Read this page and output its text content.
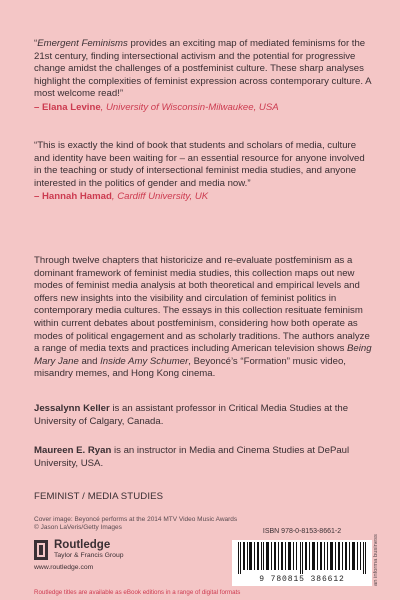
“Emergent Feminisms provides an exciting map of mediated feminisms for the 21st century, finding intersectional activism and the potential for progressive change amidst the challenges of a postfeminist culture. These sharp analyses highlight the complexities of feminist expression across contemporary culture. A most welcome read!”
– Elana Levine, University of Wisconsin-Milwaukee, USA
“This is exactly the kind of book that students and scholars of media, culture and identity have been waiting for – an essential resource for anyone involved in the teaching or study of intersectional feminist media studies, and anyone interested in the politics of gender and media now.”
– Hannah Hamad, Cardiff University, UK
Through twelve chapters that historicize and re-evaluate postfeminism as a dominant framework of feminist media studies, this collection maps out new modes of feminist media analysis at both theoretical and empirical levels and offers new insights into the visibility and circulation of feminist politics in contemporary media cultures. The essays in this collection resituate feminism within current debates about postfeminism, considering how both operate as modes of political engagement and as scholarly traditions. The authors analyze a range of media texts and practices including American television shows Being Mary Jane and Inside Amy Schumer, Beyoncé’s “Formation” music video, misandry memes, and Hong Kong cinema.
Jessalynn Keller is an assistant professor in Critical Media Studies at the University of Calgary, Canada.
Maureen E. Ryan is an instructor in Media and Cinema Studies at DePaul University, USA.
FEMINIST / MEDIA STUDIES
Cover image: Beyoncé performs at the 2014 MTV Video Music Awards
© Jason LaVeris/Getty Images
Routledge
Taylor & Francis Group
www.routledge.com
ISBN 978-0-8153-8661-2
9 780815 386612	an informa business
Routledge titles are available as eBook editions in a range of digital formats
